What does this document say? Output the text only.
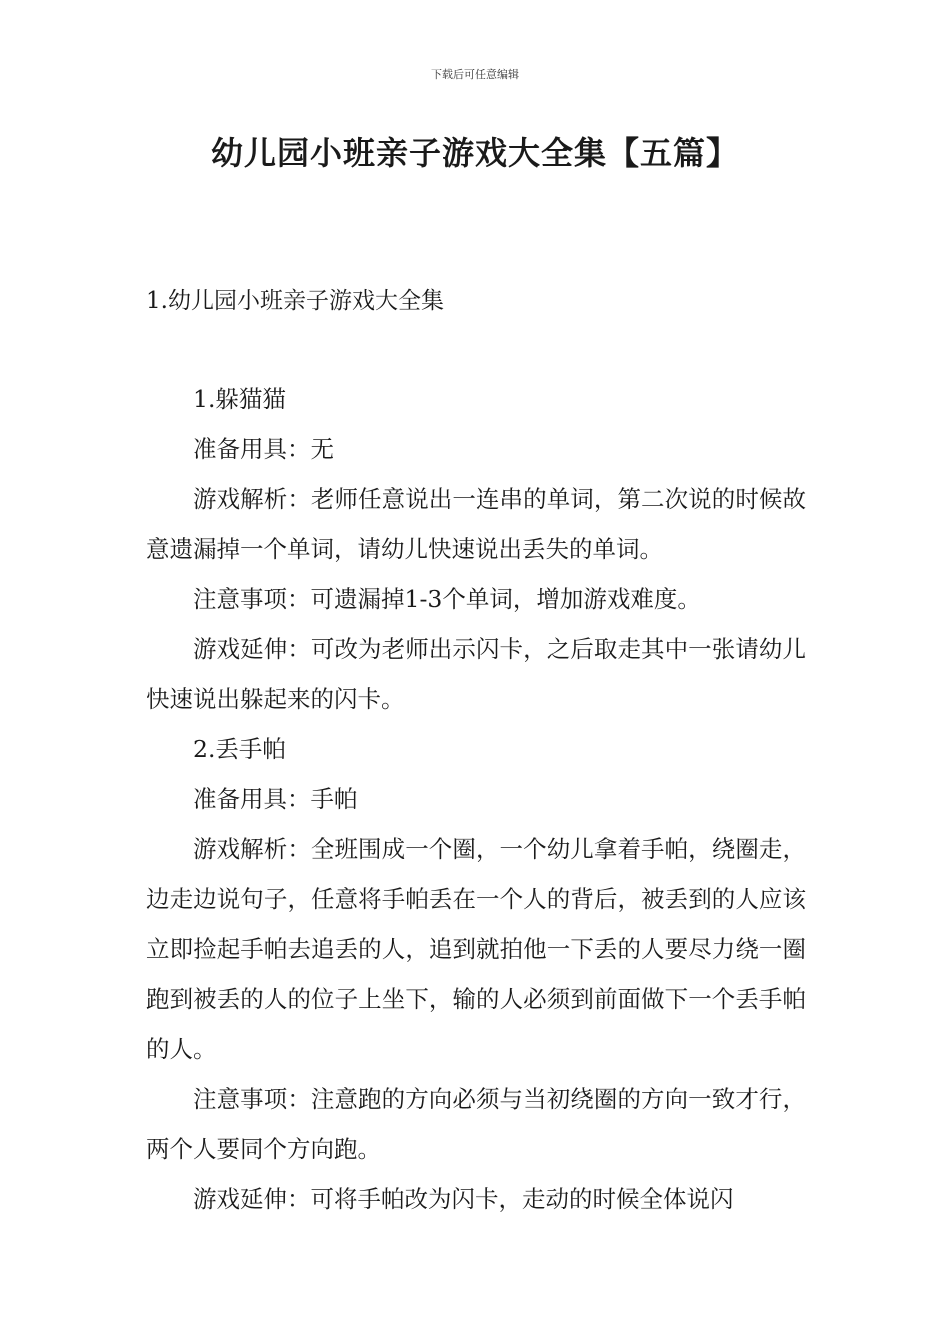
下载后可任意编辑
幼儿园小班亲子游戏大全集【五篇】
1.幼儿园小班亲子游戏大全集

1.躲猫猫

准备用具：无

游戏解析：老师任意说出一连串的单词，第二次说的时候故意遗漏掉一个单词，请幼儿快速说出丢失的单词。

注意事项：可遗漏掉1-3个单词，增加游戏难度。

游戏延伸：可改为老师出示闪卡，之后取走其中一张请幼儿快速说出躲起来的闪卡。

2.丢手帕

准备用具：手帕

游戏解析：全班围成一个圈，一个幼儿拿着手帕，绕圈走，边走边说句子，任意将手帕丢在一个人的背后，被丢到的人应该立即捡起手帕去追丢的人，追到就拍他一下丢的人要尽力绕一圈跑到被丢的人的位子上坐下，输的人必须到前面做下一个丢手帕的人。

注意事项：注意跑的方向必须与当初绕圈的方向一致才行，两个人要同个方向跑。

游戏延伸：可将手帕改为闪卡，走动的时候全体说闪
